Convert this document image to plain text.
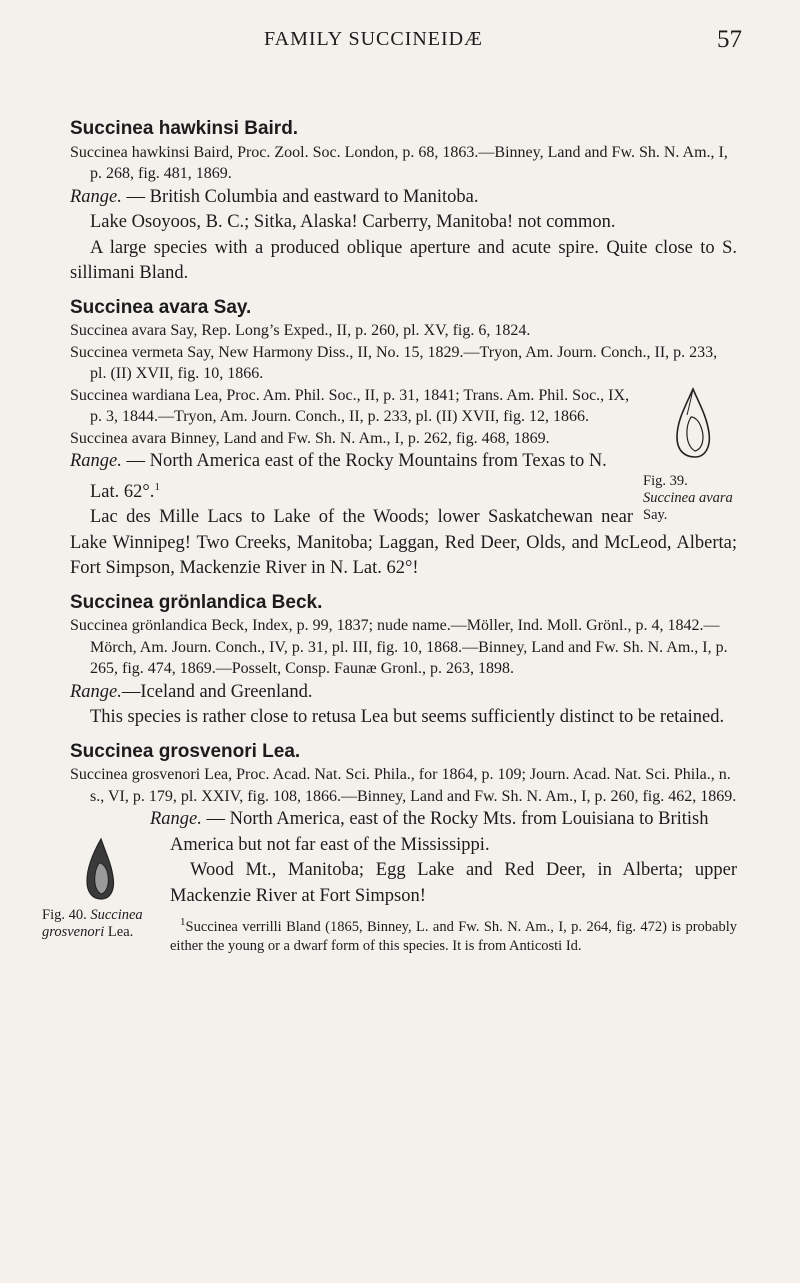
FAMILY SUCCINEIDÆ	57

Succinea hawkinsi Baird.

Succinea hawkinsi Baird, Proc. Zool. Soc. London, p. 68, 1863.—Binney, Land and Fw. Sh. N. Am., I, p. 268, fig. 481, 1869.

Range. — British Columbia and eastward to Manitoba.

Lake Osoyoos, B. C.; Sitka, Alaska! Carberry, Manitoba! not common.

A large species with a produced oblique aperture and acute spire. Quite close to S. sillimani Bland.

Succinea avara Say.

Succinea avara Say, Rep. Long’s Exped., II, p. 260, pl. XV, fig. 6, 1824.

Succinea vermeta Say, New Harmony Diss., II, No. 15, 1829.—Tryon, Am. Journ. Conch., II, p. 233, pl. (II) XVII, fig. 10, 1866.

Fig. 39. Succinea avara Say.

Succinea wardiana Lea, Proc. Am. Phil. Soc., II, p. 31, 1841; Trans. Am. Phil. Soc., IX, p. 3, 1844.—Tryon, Am. Journ. Conch., II, p. 233, pl. (II) XVII, fig. 12, 1866.

Succinea avara Binney, Land and Fw. Sh. N. Am., I, p. 262, fig. 468, 1869.

Range. — North America east of the Rocky Mountains from Texas to N. Lat. 62°.$^1$

Lac des Mille Lacs to Lake of the Woods; lower Saskatchewan near Lake Winnipeg! Two Creeks, Manitoba; Laggan, Red Deer, Olds, and McLeod, Alberta; Fort Simpson, Mackenzie River in N. Lat. 62°!

Succinea grönlandica Beck.

Succinea grönlandica Beck, Index, p. 99, 1837; nude name.—Möller, Ind. Moll. Grönl., p. 4, 1842.—Mörch, Am. Journ. Conch., IV, p. 31, pl. III, fig. 10, 1868.—Binney, Land and Fw. Sh. N. Am., I, p. 265, fig. 474, 1869.—Posselt, Consp. Faunæ Gronl., p. 263, 1898.

Range.—Iceland and Greenland.

This species is rather close to retusa Lea but seems sufficiently distinct to be retained.

Succinea grosvenori Lea.

Succinea grosvenori Lea, Proc. Acad. Nat. Sci. Phila., for 1864, p. 109; Journ. Acad. Nat. Sci. Phila., n. s., VI, p. 179, pl. XXIV, fig. 108, 1866.—Binney, Land and Fw. Sh. N. Am., I, p. 260, fig. 462, 1869.

Fig. 40. Succinea grosvenori Lea.

Range. — North America, east of the Rocky Mts. from Louisiana to British America but not far east of the Mississippi.

Wood Mt., Manitoba; Egg Lake and Red Deer, in Alberta; upper Mackenzie River at Fort Simpson!

$^1$Succinea verrilli Bland (1865, Binney, L. and Fw. Sh. N. Am., I, p. 264, fig. 472) is probably either the young or a dwarf form of this species. It is from Anticosti Id.
